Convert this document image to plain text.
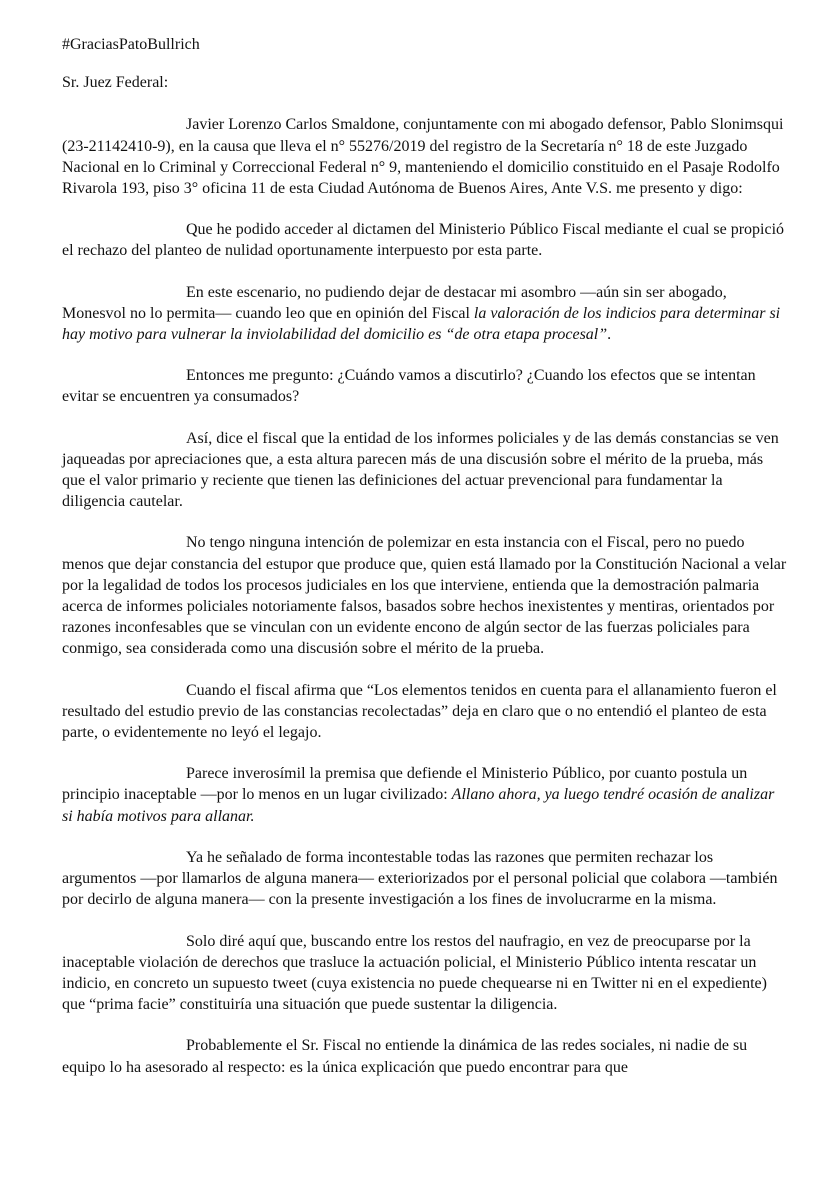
#GraciasPatoBullrich
Sr. Juez Federal:

Javier Lorenzo Carlos Smaldone, conjuntamente con mi abogado defensor, Pablo Slonimsqui (23-21142410-9), en la causa que lleva el n° 55276/2019 del registro de la Secretaría n° 18 de este Juzgado Nacional en lo Criminal y Correccional Federal n° 9, manteniendo el domicilio constituido en el Pasaje Rodolfo Rivarola 193, piso 3° oficina 11 de esta Ciudad Autónoma de Buenos Aires, Ante V.S. me presento y digo:

Que he podido acceder al dictamen del Ministerio Público Fiscal mediante el cual se propició el rechazo del planteo de nulidad oportunamente interpuesto por esta parte.

En este escenario, no pudiendo dejar de destacar mi asombro —aún sin ser abogado, Monesvol no lo permita— cuando leo que en opinión del Fiscal la valoración de los indicios para determinar si hay motivo para vulnerar la inviolabilidad del domicilio es “de otra etapa procesal”.

Entonces me pregunto: ¿Cuándo vamos a discutirlo? ¿Cuando los efectos que se intentan evitar se encuentren ya consumados?

Así, dice el fiscal que la entidad de los informes policiales y de las demás constancias se ven jaqueadas por apreciaciones que, a esta altura parecen más de una discusión sobre el mérito de la prueba, más que el valor primario y reciente que tienen las definiciones del actuar prevencional para fundamentar la diligencia cautelar.

No tengo ninguna intención de polemizar en esta instancia con el Fiscal, pero no puedo menos que dejar constancia del estupor que produce que, quien está llamado por la Constitución Nacional a velar por la legalidad de todos los procesos judiciales en los que interviene, entienda que la demostración palmaria acerca de informes policiales notoriamente falsos, basados sobre hechos inexistentes y mentiras, orientados por razones inconfesables que se vinculan con un evidente encono de algún sector de las fuerzas policiales para conmigo, sea considerada como una discusión sobre el mérito de la prueba.

Cuando el fiscal afirma que “Los elementos tenidos en cuenta para el allanamiento fueron el resultado del estudio previo de las constancias recolectadas” deja en claro que o no entendió el planteo de esta parte, o evidentemente no leyó el legajo.

Parece inverosímil la premisa que defiende el Ministerio Público, por cuanto postula un principio inaceptable —por lo menos en un lugar civilizado: Allano ahora, ya luego tendré ocasión de analizar si había motivos para allanar.

Ya he señalado de forma incontestable todas las razones que permiten rechazar los argumentos —por llamarlos de alguna manera— exteriorizados por el personal policial que colabora —también por decirlo de alguna manera— con la presente investigación a los fines de involucrarme en la misma.

Solo diré aquí que, buscando entre los restos del naufragio, en vez de preocuparse por la inaceptable violación de derechos que trasluce la actuación policial, el Ministerio Público intenta rescatar un indicio, en concreto un supuesto tweet (cuya existencia no puede chequearse ni en Twitter ni en el expediente) que “prima facie” constituiría una situación que puede sustentar la diligencia.

Probablemente el Sr. Fiscal no entiende la dinámica de las redes sociales, ni nadie de su equipo lo ha asesorado al respecto: es la única explicación que puedo encontrar para que
